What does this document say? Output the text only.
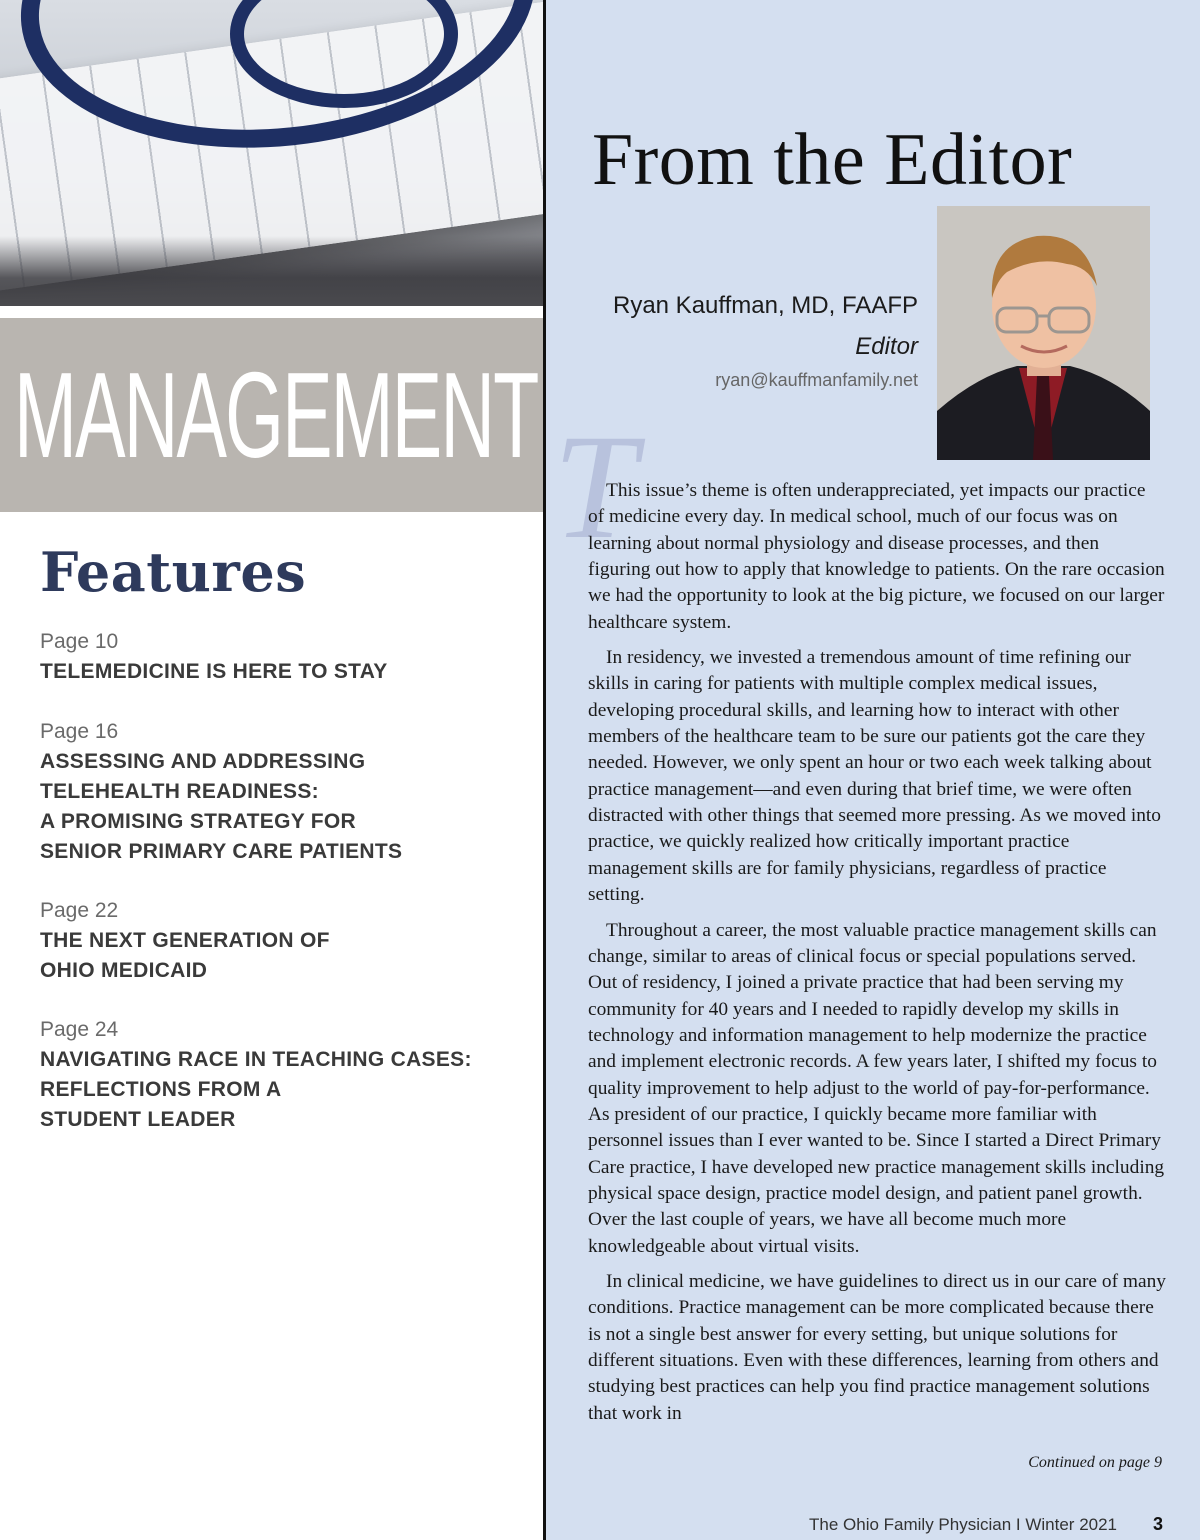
MANAGEMENT
Features
Page 10
TELEMEDICINE IS HERE TO STAY
Page 16
ASSESSING AND ADDRESSING
TELEHEALTH READINESS:
A PROMISING STRATEGY FOR
SENIOR PRIMARY CARE PATIENTS
Page 22
THE NEXT GENERATION OF
OHIO MEDICAID
Page 24
NAVIGATING RACE IN TEACHING CASES:
REFLECTIONS FROM A
STUDENT LEADER
From the Editor
Ryan Kauffman, MD, FAAFP
Editor
ryan@kauffmanfamily.net
T

This issue’s theme is often underappreciated, yet impacts our practice of medicine every day. In medical school, much of our focus was on learning about normal physiology and disease processes, and then figuring out how to apply that knowledge to patients. On the rare occasion we had the opportunity to look at the big picture, we focused on our larger healthcare system.

In residency, we invested a tremendous amount of time refining our skills in caring for patients with multiple complex medical issues, developing procedural skills, and learning how to interact with other members of the healthcare team to be sure our patients got the care they needed. However, we only spent an hour or two each week talking about practice management—and even during that brief time, we were often distracted with other things that seemed more pressing. As we moved into practice, we quickly realized how critically important practice management skills are for family physicians, regardless of practice setting.

Throughout a career, the most valuable practice management skills can change, similar to areas of clinical focus or special populations served. Out of residency, I joined a private practice that had been serving my community for 40 years and I needed to rapidly develop my skills in technology and information management to help modernize the practice and implement electronic records. A few years later, I shifted my focus to quality improvement to help adjust to the world of pay-for-performance. As president of our practice, I quickly became more familiar with personnel issues than I ever wanted to be. Since I started a Direct Primary Care practice, I have developed new practice management skills including physical space design, practice model design, and patient panel growth. Over the last couple of years, we have all become much more knowledgeable about virtual visits.

In clinical medicine, we have guidelines to direct us in our care of many conditions. Practice management can be more complicated because there is not a single best answer for every setting, but unique solutions for different situations. Even with these differences, learning from others and studying best practices can help you find practice management solutions that work in

Continued on page 9
The Ohio Family Physician I Winter 2021 3
